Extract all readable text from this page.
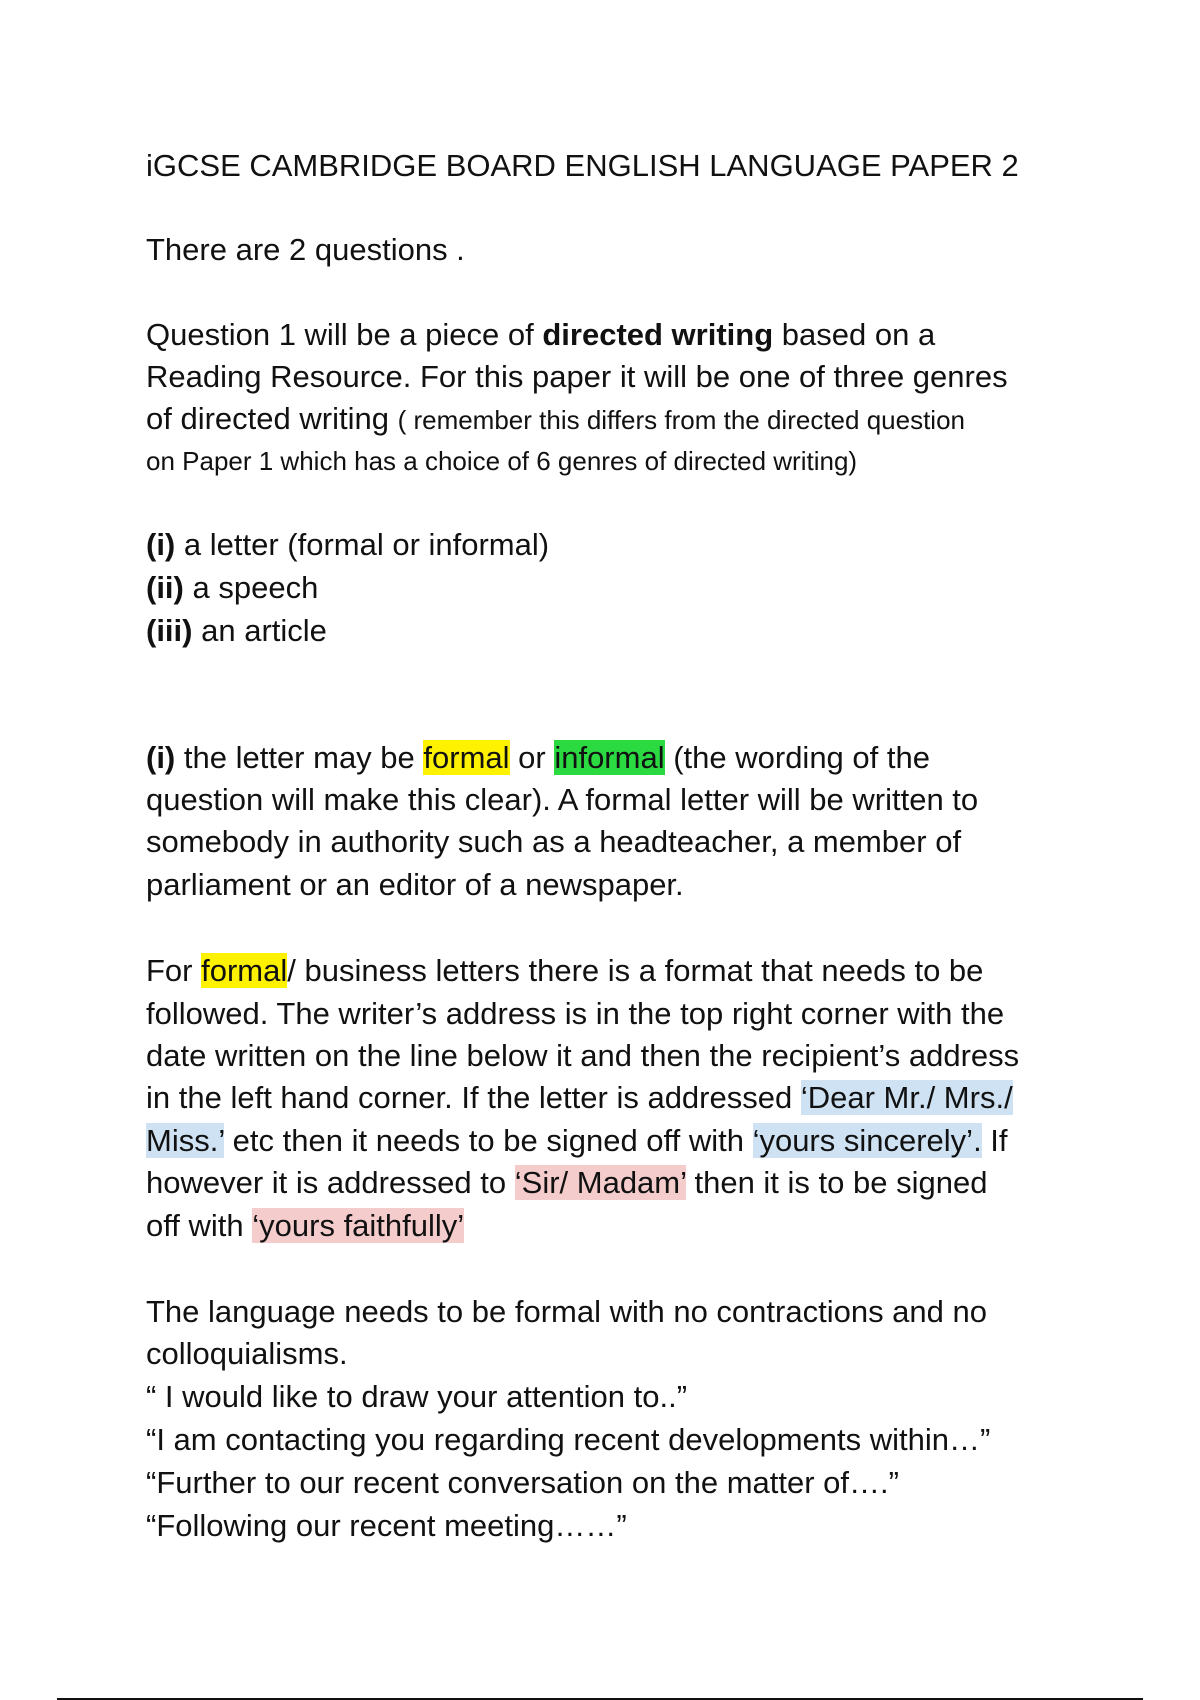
iGCSE CAMBRIDGE BOARD ENGLISH LANGUAGE PAPER 2
There are 2 questions .
Question 1 will be a piece of directed writing based on a
Reading Resource. For this paper it will be one of three genres
of directed writing ( remember this differs from the directed question
on Paper 1 which has a choice of 6 genres of directed writing)
(i) a letter (formal or informal)
(ii) a speech
(iii) an article
(i) the letter may be formal or informal (the wording of the
question will make this clear). A formal letter will be written to
somebody in authority such as a headteacher, a member of
parliament or an editor of a newspaper.
For formal/ business letters there is a format that needs to be
followed. The writer’s address is in the top right corner with the
date written on the line below it and then the recipient’s address
in the left hand corner. If the letter is addressed ‘Dear Mr./ Mrs./
Miss.’ etc then it needs to be signed off with ‘yours sincerely’. If
however it is addressed to ‘Sir/ Madam’ then it is to be signed
off with ‘yours faithfully’
The language needs to be formal with no contractions and no
colloquialisms.
“ I would like to draw your attention to..”
“I am contacting you regarding recent developments within…”
“Further to our recent conversation on the matter of….”
“Following our recent meeting……”
